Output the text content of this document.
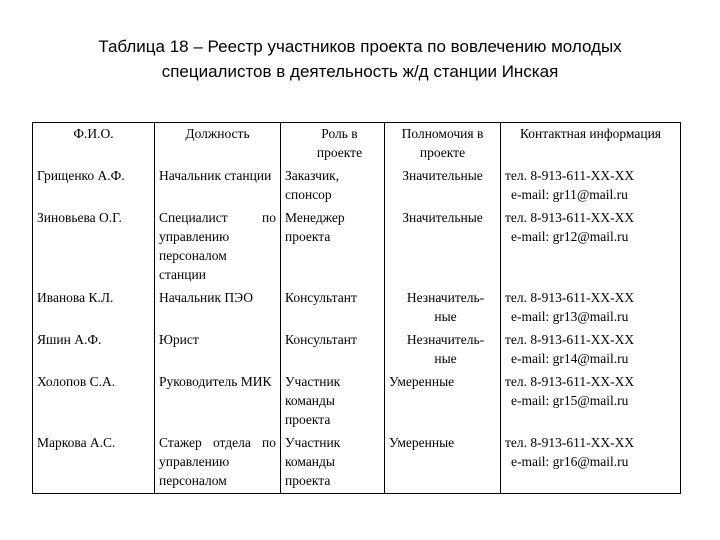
Таблица 18 – Реестр участников проекта по вовлечению молодых
специалистов в деятельность ж/д станции Инская
Ф.И.О.	Должность	Роль в проекте	Полномочия в проекте	Контактная информация
Грищенко А.Ф.	Начальник станции	Заказчик, спонсор	Значительные	тел. 8-913-611-XX-XX
e-mail: gr11@mail.ru

Зиновьева О.Г.	Специалист по управлению персоналом станции	Менеджер проекта	Значительные	тел. 8-913-611-XX-XX
e-mail: gr12@mail.ru

Иванова К.Л.	Начальник ПЭО	Консультант	Незначитель-ные	тел. 8-913-611-XX-XX
e-mail: gr13@mail.ru

Яшин А.Ф.	Юрист	Консультант	Незначитель-ные	тел. 8-913-611-XX-XX
e-mail: gr14@mail.ru

Холопов С.А.	Руководитель МИК	Участник команды проекта	Умеренные	тел. 8-913-611-XX-XX
e-mail: gr15@mail.ru

Маркова А.С.	Стажер отдела по управлению персоналом	Участник команды проекта	Умеренные	тел. 8-913-611-XX-XX
e-mail: gr16@mail.ru
